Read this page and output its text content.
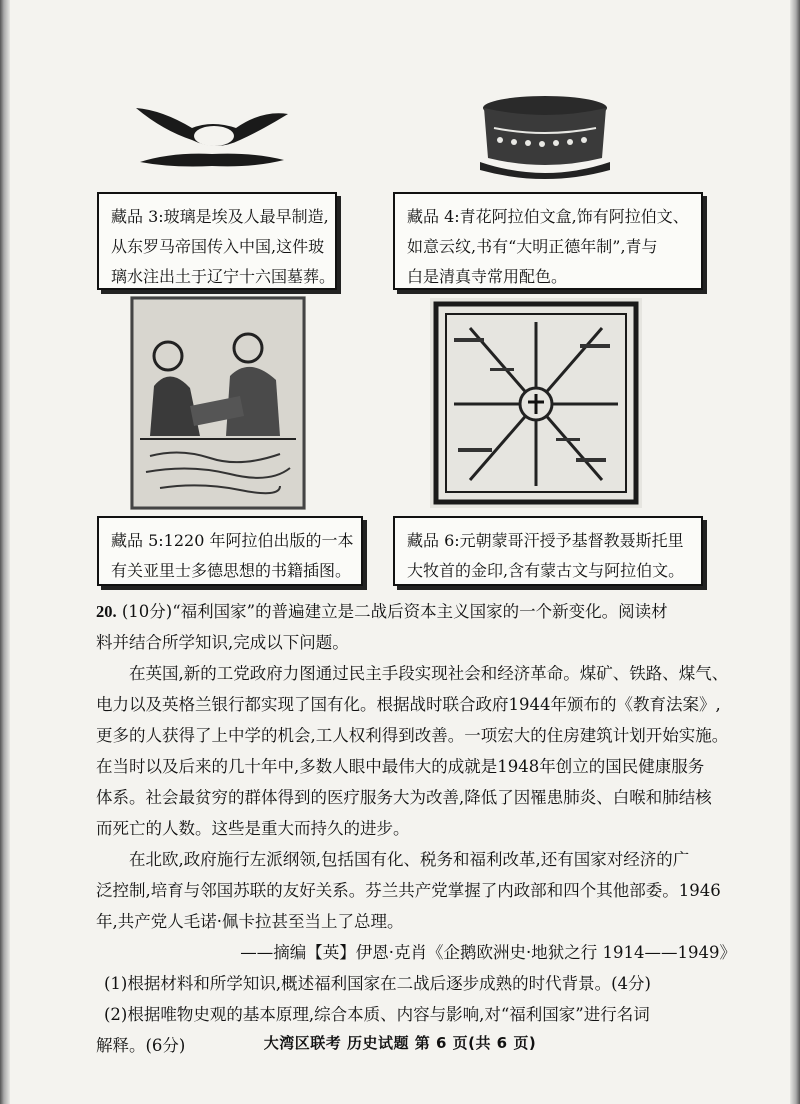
藏品 3:玻璃是埃及人最早制造,
从东罗马帝国传入中国,这件玻
璃水注出土于辽宁十六国墓葬。
藏品 4:青花阿拉伯文盒,饰有阿拉伯文、
如意云纹,书有“大明正德年制”,青与
白是清真寺常用配色。
藏品 5:1220 年阿拉伯出版的一本
有关亚里士多德思想的书籍插图。
藏品 6:元朝蒙哥汗授予基督教聂斯托里
大牧首的金印,含有蒙古文与阿拉伯文。
20. (10分)“福利国家”的普遍建立是二战后资本主义国家的一个新变化。阅读材
料并结合所学知识,完成以下问题。
在英国,新的工党政府力图通过民主手段实现社会和经济革命。煤矿、铁路、煤气、
电力以及英格兰银行都实现了国有化。根据战时联合政府1944年颁布的《教育法案》,
更多的人获得了上中学的机会,工人权利得到改善。一项宏大的住房建筑计划开始实施。
在当时以及后来的几十年中,多数人眼中最伟大的成就是1948年创立的国民健康服务
体系。社会最贫穷的群体得到的医疗服务大为改善,降低了因罹患肺炎、白喉和肺结核
而死亡的人数。这些是重大而持久的进步。
在北欧,政府施行左派纲领,包括国有化、税务和福利改革,还有国家对经济的广
泛控制,培育与邻国苏联的友好关系。芬兰共产党掌握了内政部和四个其他部委。1946
年,共产党人毛诺·佩卡拉甚至当上了总理。
——摘编【英】伊恩·克肖《企鹅欧洲史·地狱之行 1914——1949》
(1)根据材料和所学知识,概述福利国家在二战后逐步成熟的时代背景。(4分)
(2)根据唯物史观的基本原理,综合本质、内容与影响,对“福利国家”进行名词
解释。(6分)	大湾区联考 历史试题 第 6 页(共 6 页)
